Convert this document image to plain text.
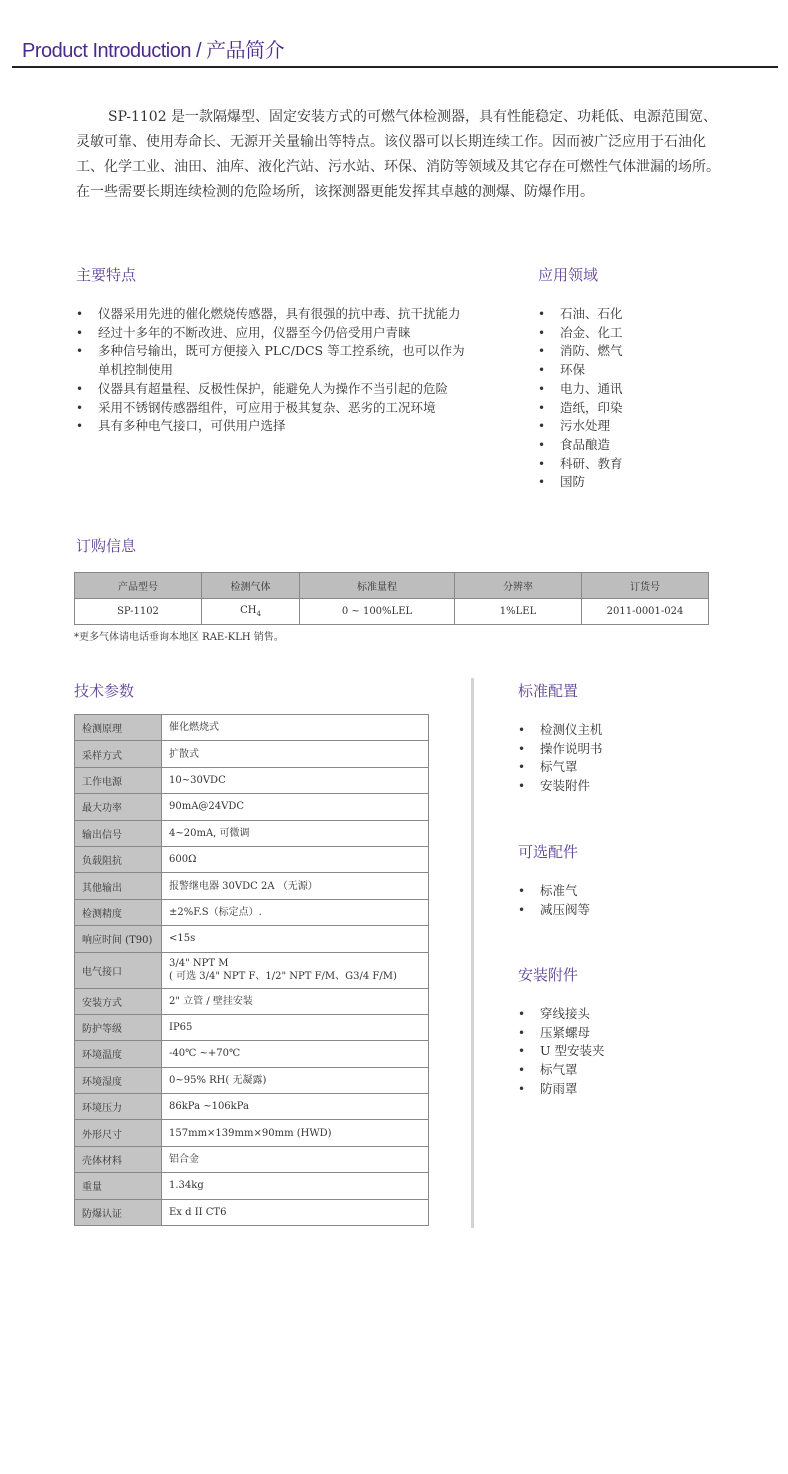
Product Introduction / 产品简介

SP-1102 是一款隔爆型、固定安装方式的可燃气体检测器，具有性能稳定、功耗低、电源范围宽、灵敏可靠、使用寿命长、无源开关量输出等特点。该仪器可以长期连续工作。因而被广泛应用于石油化工、化学工业、油田、油库、液化汽站、污水站、环保、消防等领域及其它存在可燃性气体泄漏的场所。在一些需要长期连续检测的危险场所，该探测器更能发挥其卓越的测爆、防爆作用。

主要特点
• 仪器采用先进的催化燃烧传感器，具有很强的抗中毒、抗干扰能力
• 经过十多年的不断改进、应用，仪器至今仍倍受用户青睐
• 多种信号输出，既可方便接入 PLC/DCS 等工控系统，也可以作为单机控制使用
• 仪器具有超量程、反极性保护，能避免人为操作不当引起的危险
• 采用不锈钢传感器组件，可应用于极其复杂、恶劣的工况环境
• 具有多种电气接口，可供用户选择
应用领域
• 石油、石化
• 冶金、化工
• 消防、燃气
• 环保
• 电力、通讯
• 造纸，印染
• 污水处理
• 食品酿造
• 科研、教育
• 国防
订购信息
产品型号	检测气体	标准量程	分辨率	订货号
SP-1102	$CH_4$	0 ~ 100%LEL	1%LEL	2011-0001-024
*更多气体请电话垂询本地区 RAE-KLH 销售。
技术参数
检测原理	催化燃烧式
采样方式	扩散式
工作电源	10~30VDC
最大功率	90mA@24VDC
输出信号	4~20mA, 可微调
负载阻抗	600Ω
其他输出	报警继电器 30VDC 2A （无源）
检测精度	±2%F.S（标定点）.
响应时间 (T90)	<15s
电气接口	3/4" NPT M
( 可选 3/4" NPT F、1/2" NPT F/M、G3/4 F/M)
安装方式	2" 立管 / 壁挂安装
防护等级	IP65
环境温度	-40℃ ~+70℃
环境湿度	0~95% RH( 无凝露)
环境压力	86kPa ~106kPa
外形尺寸	157mm×139mm×90mm (HWD)
壳体材料	铝合金
重量	1.34kg
防爆认证	Ex d II CT6
标准配置
• 检测仪主机
• 操作说明书
• 标气罩
• 安装附件
可选配件
• 标准气
• 减压阀等
安装附件
• 穿线接头
• 压紧螺母
• U 型安装夹
• 标气罩
• 防雨罩
